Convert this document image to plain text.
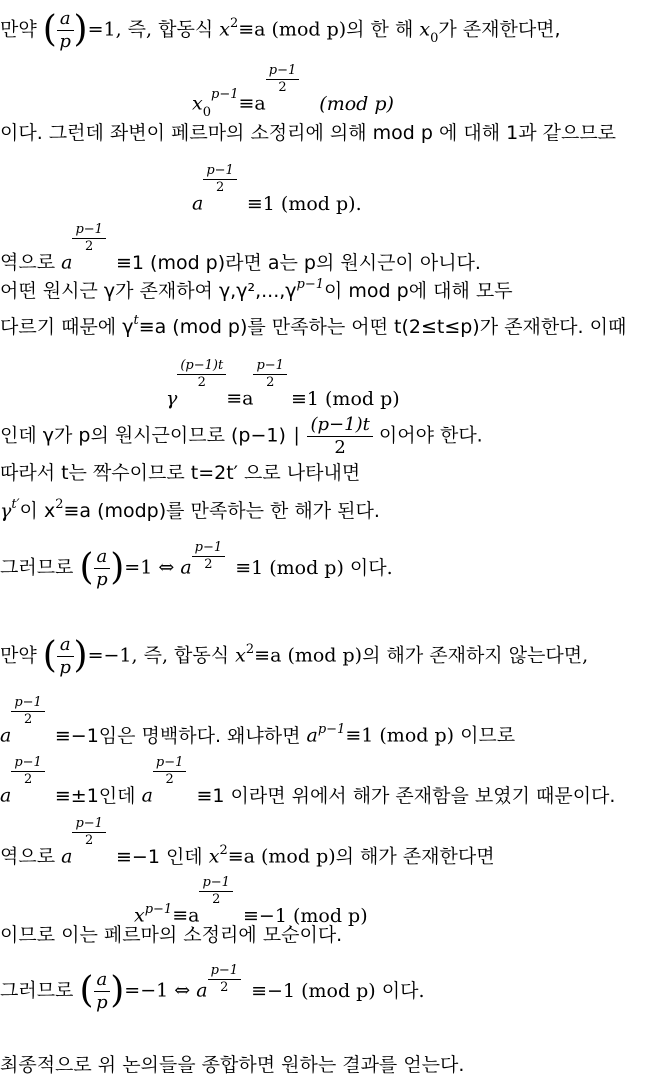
만약 ( $\frac{a}{p})=1$, 즉, 합동식 $x^2\equiv a$ (mod p)의 한 해 $x_0$가 존재한다면,
$x_0^{p-1}\equiv a$
$\frac{p-1}{2}$
(mod p)
이다. 그런데 좌변이 페르마의 소정리에 의해 mod p 에 대해 1과 같으므로
a
$\frac{p-1}{2}$
≡1 (mod p).
역으로 a
$\frac{p-1}{2}$
≡1 (mod p)라면 a는 p의 원시근이 아니다.
어떤 원시근 γ가 존재하여 $\gamma,\gamma^2,...,\gamma^{p-1}$이 mod p에 대해 모두
다르기 때문에 $\gamma^t\equiv a$ (mod p)를 만족하는 어떤 t(2≤t≤p)가 존재한다. 이때
γ
$\frac{(p-1)t}{2}$
≡a
$\frac{p-1}{2}$
≡1 (mod p)
인데 γ가 p의 원시근이므로 (p−1) ∣ $\frac{(p-1)t}{2}$ 이어야 한다.
따라서 t는 짝수이므로 t=2t′ 으로 나타내면
$\gamma^{t'}$이 $x^2\equiv a$ (modp)를 만족하는 한 해가 된다.
그러므로 ( $\frac{a}{p})=1$ ⇔ a $\frac{p-1}{2} \equiv 1$ (mod p) 이다.
만약 ( $\frac{a}{p})=-1$, 즉, 합동식 $x^2\equiv a$ (mod p)의 해가 존재하지 않는다면,
a
$\frac{p-1}{2}$
≡−1임은 명백하다. 왜냐하면 $a^{p-1}\equiv 1$ (mod p) 이므로
a
$\frac{p-1}{2}$
≡±1인데 a
$\frac{p-1}{2}$
≡1 이라면 위에서 해가 존재함을 보였기 때문이다.
역으로 a
$\frac{p-1}{2}$
≡−1 인데 $x^2\equiv a$ (mod p)의 해가 존재한다면
$x^{p-1}\equiv a$
$\frac{p-1}{2}$
≡−1 (mod p)
이므로 이는 페르마의 소정리에 모순이다.
그러므로 ( $\frac{a}{p})=-1$ ⇔ a $\frac{p-1}{2} \equiv-1$ (mod p) 이다.
최종적으로 위 논의들을 종합하면 원하는 결과를 얻는다.
